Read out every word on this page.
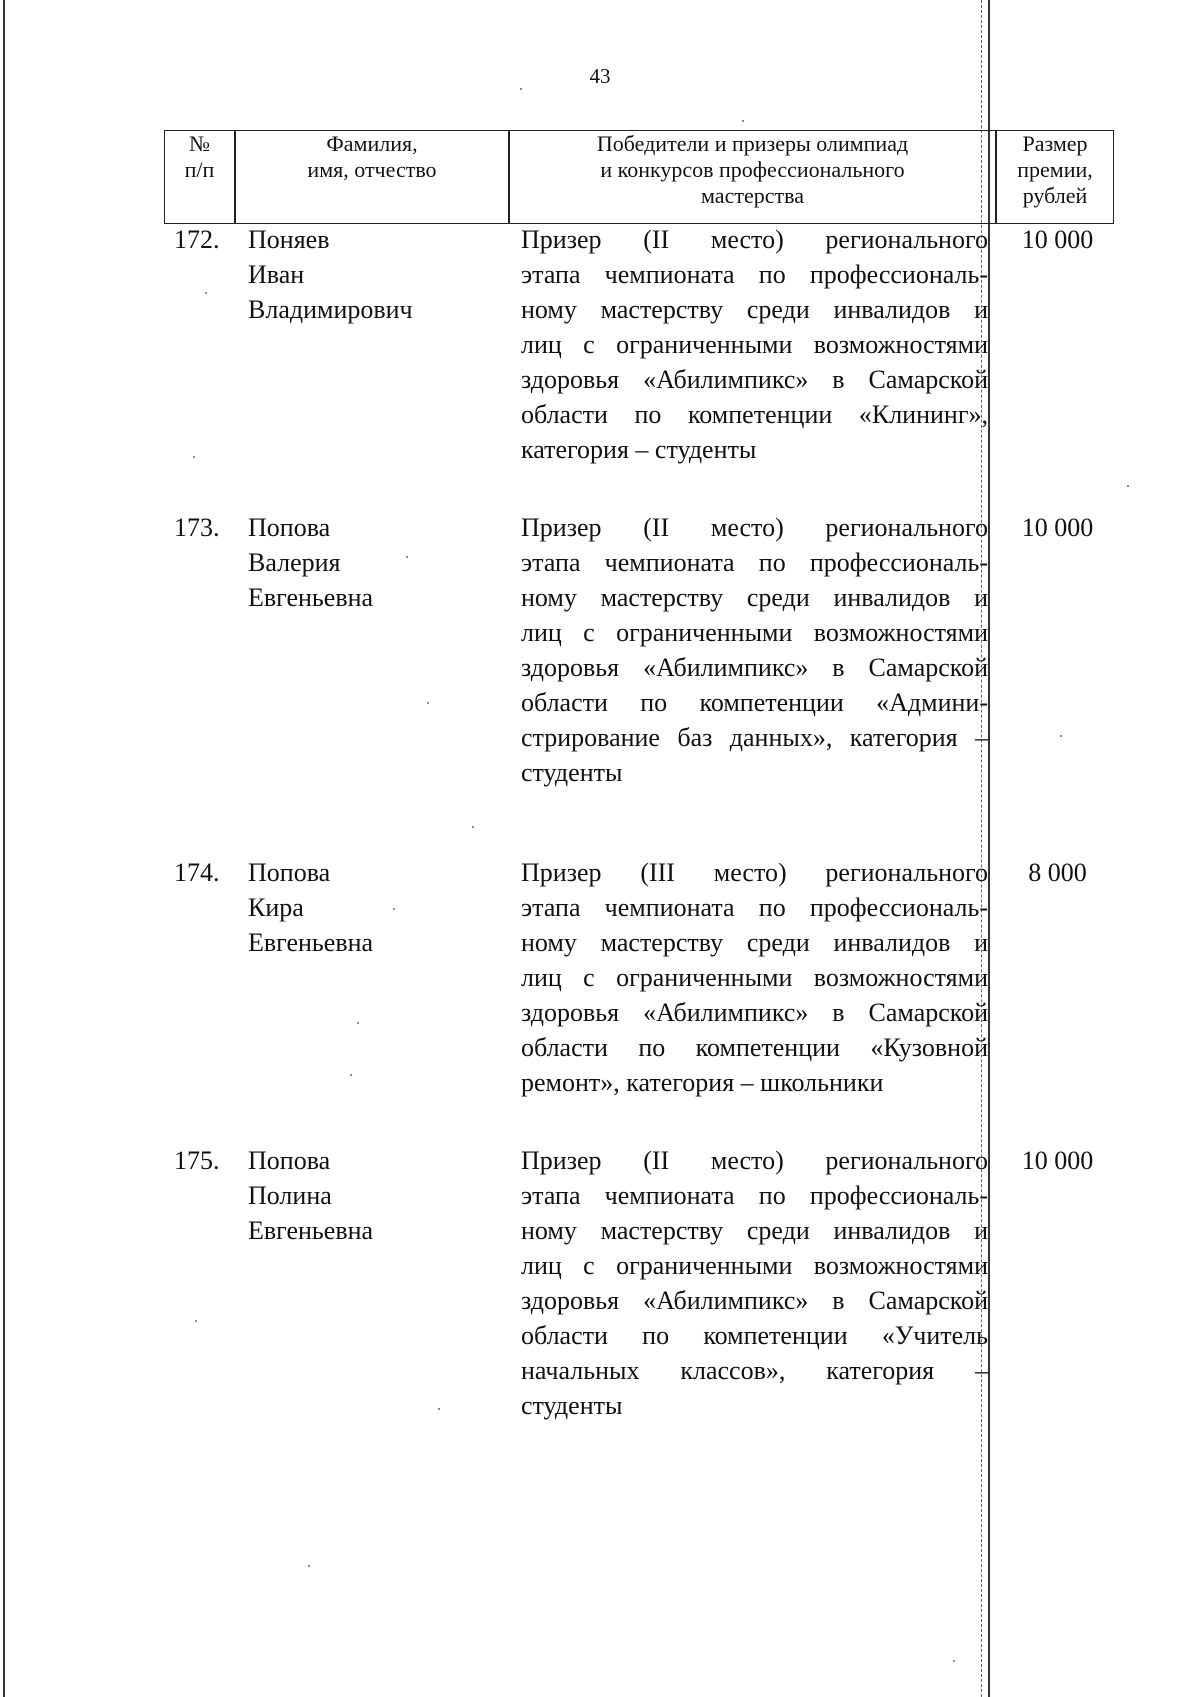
43
№
п/п
Фамилия,
имя, отчество
Победители и призеры олимпиад
и конкурсов профессионального
мастерства
Размер
премии,
рублей
172. Поняев
Иван
Владимирович
Призер (II место) регионального
этапа чемпионата по профессиональ-
ному мастерству среди инвалидов и
лиц с ограниченными возможностями
здоровья «Абилимпикс» в Самарской
области по компетенции «Клининг»,
категория – студенты
10 000
173. Попова
Валерия
Евгеньевна
Призер (II место) регионального
этапа чемпионата по профессиональ-
ному мастерству среди инвалидов и
лиц с ограниченными возможностями
здоровья «Абилимпикс» в Самарской
области по компетенции «Админи-
стрирование баз данных», категория –
студенты
10 000
174. Попова
Кира
Евгеньевна
Призер (III место) регионального
этапа чемпионата по профессиональ-
ному мастерству среди инвалидов и
лиц с ограниченными возможностями
здоровья «Абилимпикс» в Самарской
области по компетенции «Кузовной
ремонт», категория – школьники
8 000
175. Попова
Полина
Евгеньевна
Призер (II место) регионального
этапа чемпионата по профессиональ-
ному мастерству среди инвалидов и
лиц с ограниченными возможностями
здоровья «Абилимпикс» в Самарской
области по компетенции «Учитель
начальных классов», категория –
студенты
10 000
